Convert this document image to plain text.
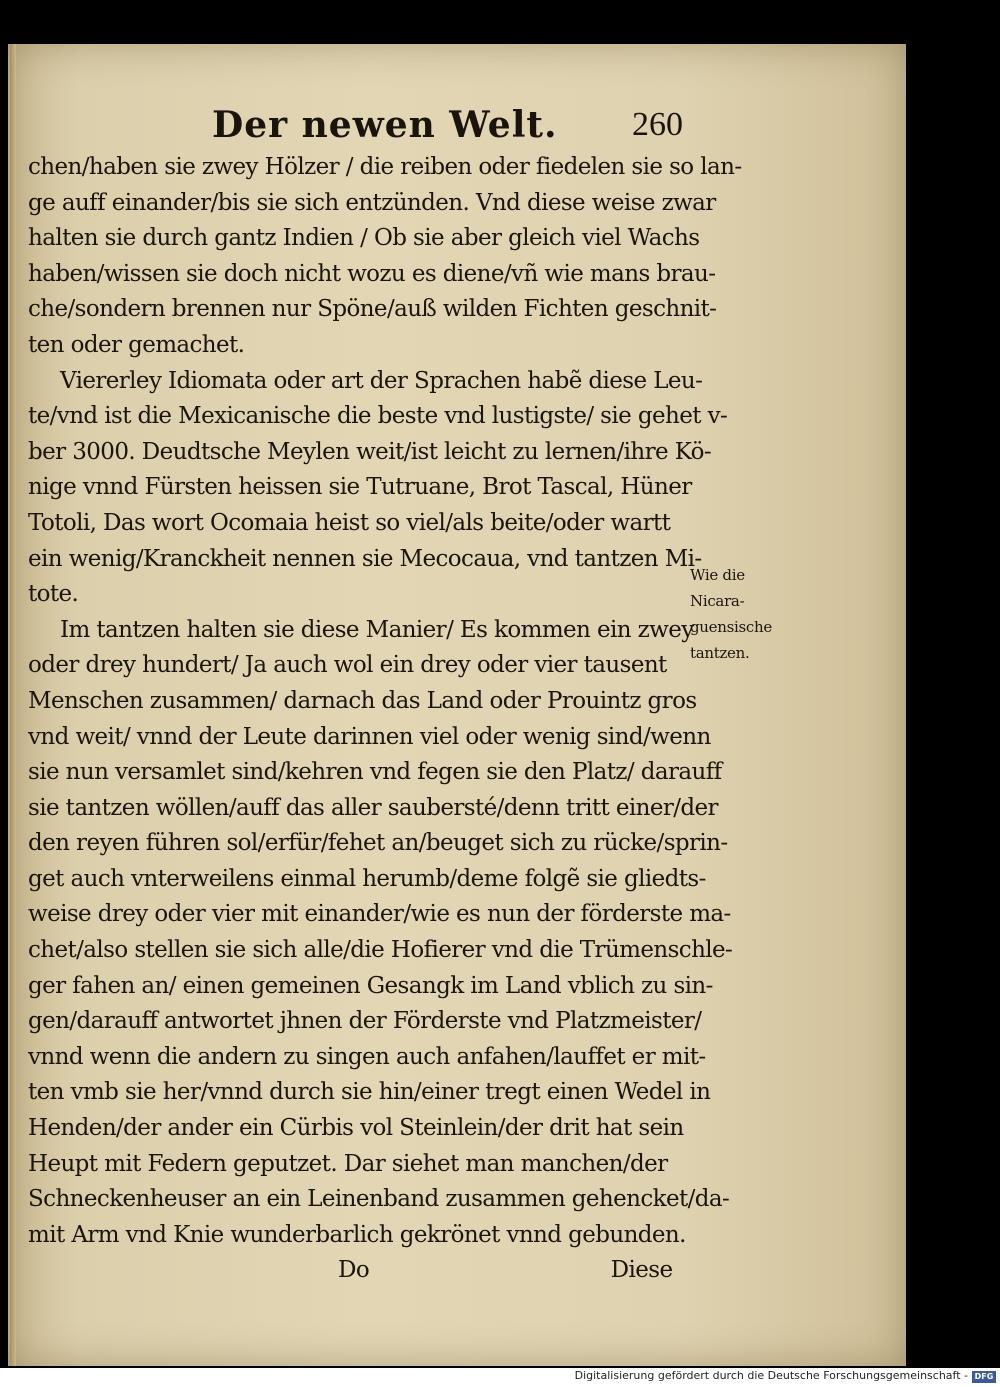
Der newen Welt. 260
chen/haben sie zwey Hölzer / die reiben oder fiedelen sie so lan-
ge auff einander/bis sie sich entzünden. Vnd diese weise zwar
halten sie durch gantz Indien / Ob sie aber gleich viel Wachs
haben/wissen sie doch nicht wozu es diene/vñ wie mans brau-
che/sondern brennen nur Spöne/auß wilden Fichten geschnit-
ten oder gemachet.
Viererley Idiomata oder art der Sprachen habẽ diese Leu-
te/vnd ist die Mexicanische die beste vnd lustigste/ sie gehet v-
ber 3000. Deudtsche Meylen weit/ist leicht zu lernen/ihre Kö-
nige vnnd Fürsten heissen sie Tutruane, Brot Tascal, Hüner
Totoli, Das wort Ocomaia heist so viel/als beite/oder wartt
ein wenig/Kranckheit nennen sie Mecocaua, vnd tantzen Mi-
tote.
Im tantzen halten sie diese Manier/ Es kommen ein zwey
oder drey hundert/ Ja auch wol ein drey oder vier tausent
Menschen zusammen/ darnach das Land oder Prouintz gros
vnd weit/ vnnd der Leute darinnen viel oder wenig sind/wenn
sie nun versamlet sind/kehren vnd fegen sie den Platz/ darauff
sie tantzen wöllen/auff das aller saubersté/denn tritt einer/der
den reyen führen sol/erfür/fehet an/beuget sich zu rücke/sprin-
get auch vnterweilens einmal herumb/deme folgẽ sie gliedts-
weise drey oder vier mit einander/wie es nun der förderste ma-
chet/also stellen sie sich alle/die Hofierer vnd die Trümenschle-
ger fahen an/ einen gemeinen Gesangk im Land vblich zu sin-
gen/darauff antwortet jhnen der Förderste vnd Platzmeister/
vnnd wenn die andern zu singen auch anfahen/lauffet er mit-
ten vmb sie her/vnnd durch sie hin/einer tregt einen Wedel in
Henden/der ander ein Cürbis vol Steinlein/der drit hat sein
Heupt mit Federn geputzet. Dar siehet man manchen/der
Schneckenheuser an ein Leinenband zusammen gehencket/da-
mit Arm vnd Knie wunderbarlich gekrönet vnnd gebunden.
Do                                    Diese
Wie die
Nicara-
guensische
tantzen.
Digitalisierung gefördert durch die Deutsche Forschungsgemeinschaft - DFG
